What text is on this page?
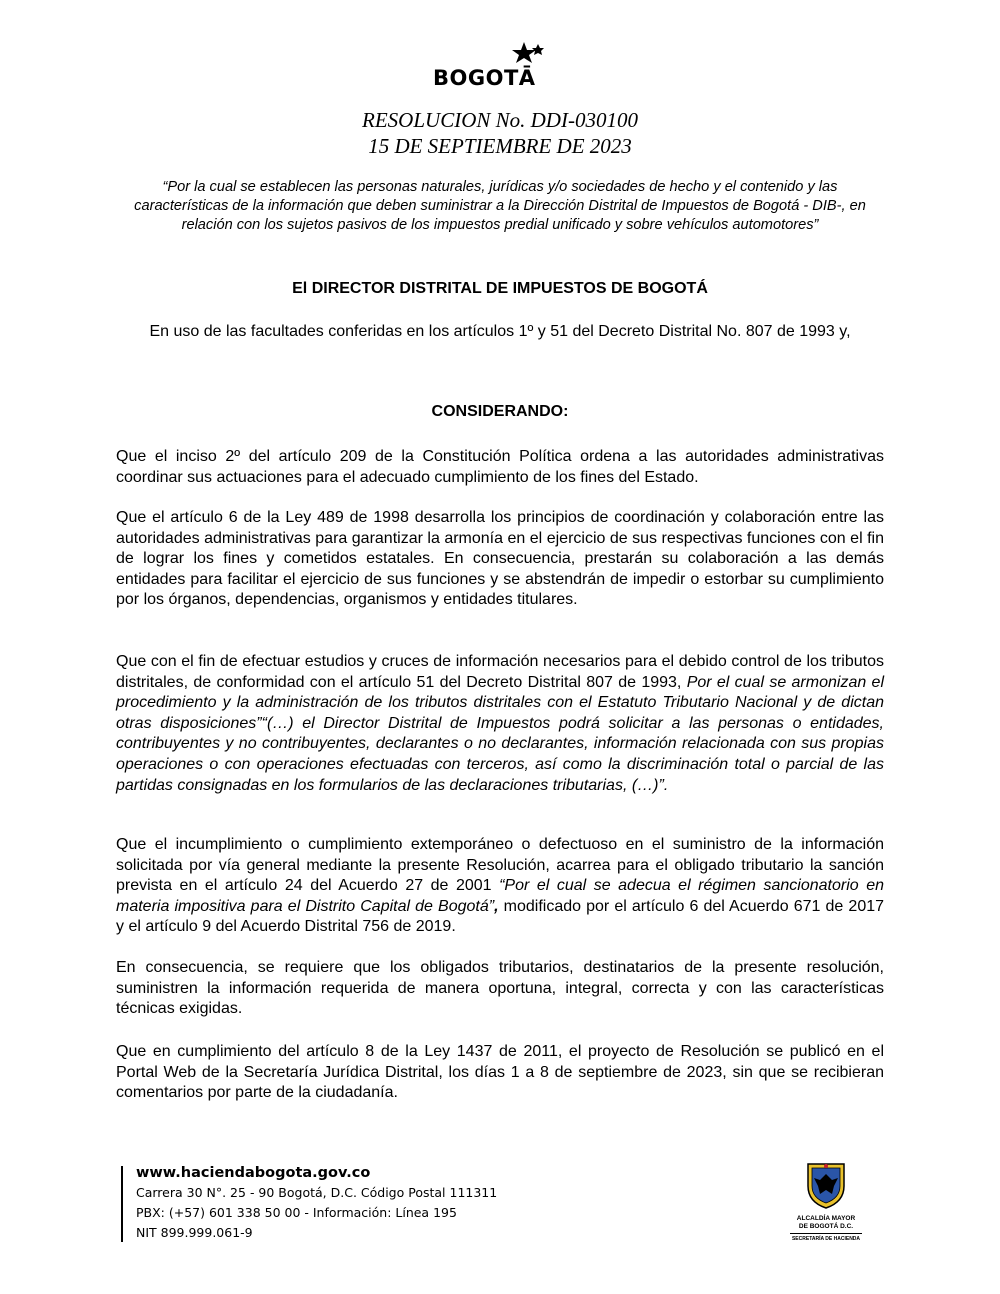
BOGOTĀ
RESOLUCION No. DDI-030100
15 DE SEPTIEMBRE DE 2023
“Por la cual se establecen las personas naturales, jurídicas y/o sociedades de hecho y el contenido y las características de la información que deben suministrar a la Dirección Distrital de Impuestos de Bogotá - DIB-, en relación con los sujetos pasivos de los impuestos predial unificado y sobre vehículos automotores”
El DIRECTOR DISTRITAL DE IMPUESTOS DE BOGOTÁ
En uso de las facultades conferidas en los artículos 1º y 51 del Decreto Distrital No. 807 de 1993 y,
CONSIDERANDO:

Que el inciso 2º del artículo 209 de la Constitución Política ordena a las autoridades administrativas coordinar sus actuaciones para el adecuado cumplimiento de los fines del Estado.

Que el artículo 6 de la Ley 489 de 1998 desarrolla los principios de coordinación y colaboración entre las autoridades administrativas para garantizar la armonía en el ejercicio de sus respectivas funciones con el fin de lograr los fines y cometidos estatales. En consecuencia, prestarán su colaboración a las demás entidades para facilitar el ejercicio de sus funciones y se abstendrán de impedir o estorbar su cumplimiento por los órganos, dependencias, organismos y entidades titulares.

Que con el fin de efectuar estudios y cruces de información necesarios para el debido control de los tributos distritales, de conformidad con el artículo 51 del Decreto Distrital 807 de 1993, Por el cual se armonizan el procedimiento y la administración de los tributos distritales con el Estatuto Tributario Nacional y de dictan otras disposiciones”“(…) el Director Distrital de Impuestos podrá solicitar a las personas o entidades, contribuyentes y no contribuyentes, declarantes o no declarantes, información relacionada con sus propias operaciones o con operaciones efectuadas con terceros, así como la discriminación total o parcial de las partidas consignadas en los formularios de las declaraciones tributarias, (…)”.

Que el incumplimiento o cumplimiento extemporáneo o defectuoso en el suministro de la información solicitada por vía general mediante la presente Resolución, acarrea para el obligado tributario la sanción prevista en el artículo 24 del Acuerdo 27 de 2001 “Por el cual se adecua el régimen sancionatorio en materia impositiva para el Distrito Capital de Bogotá”, modificado por el artículo 6 del Acuerdo 671 de 2017 y el artículo 9 del Acuerdo Distrital 756 de 2019.

En consecuencia, se requiere que los obligados tributarios, destinatarios de la presente resolución, suministren la información requerida de manera oportuna, integral, correcta y con las características técnicas exigidas.

Que en cumplimiento del artículo 8 de la Ley 1437 de 2011, el proyecto de Resolución se publicó en el Portal Web de la Secretaría Jurídica Distrital, los días 1 a 8 de septiembre de 2023, sin que se recibieran comentarios por parte de la ciudadanía.

www.haciendabogota.gov.co
Carrera 30 N°. 25 - 90 Bogotá, D.C. Código Postal 111311
PBX: (+57) 601 338 50 00 - Información: Línea 195
NIT 899.999.061-9
ALCALDÍA MAYOR
DE BOGOTÁ D.C.
SECRETARÍA DE HACIENDA
